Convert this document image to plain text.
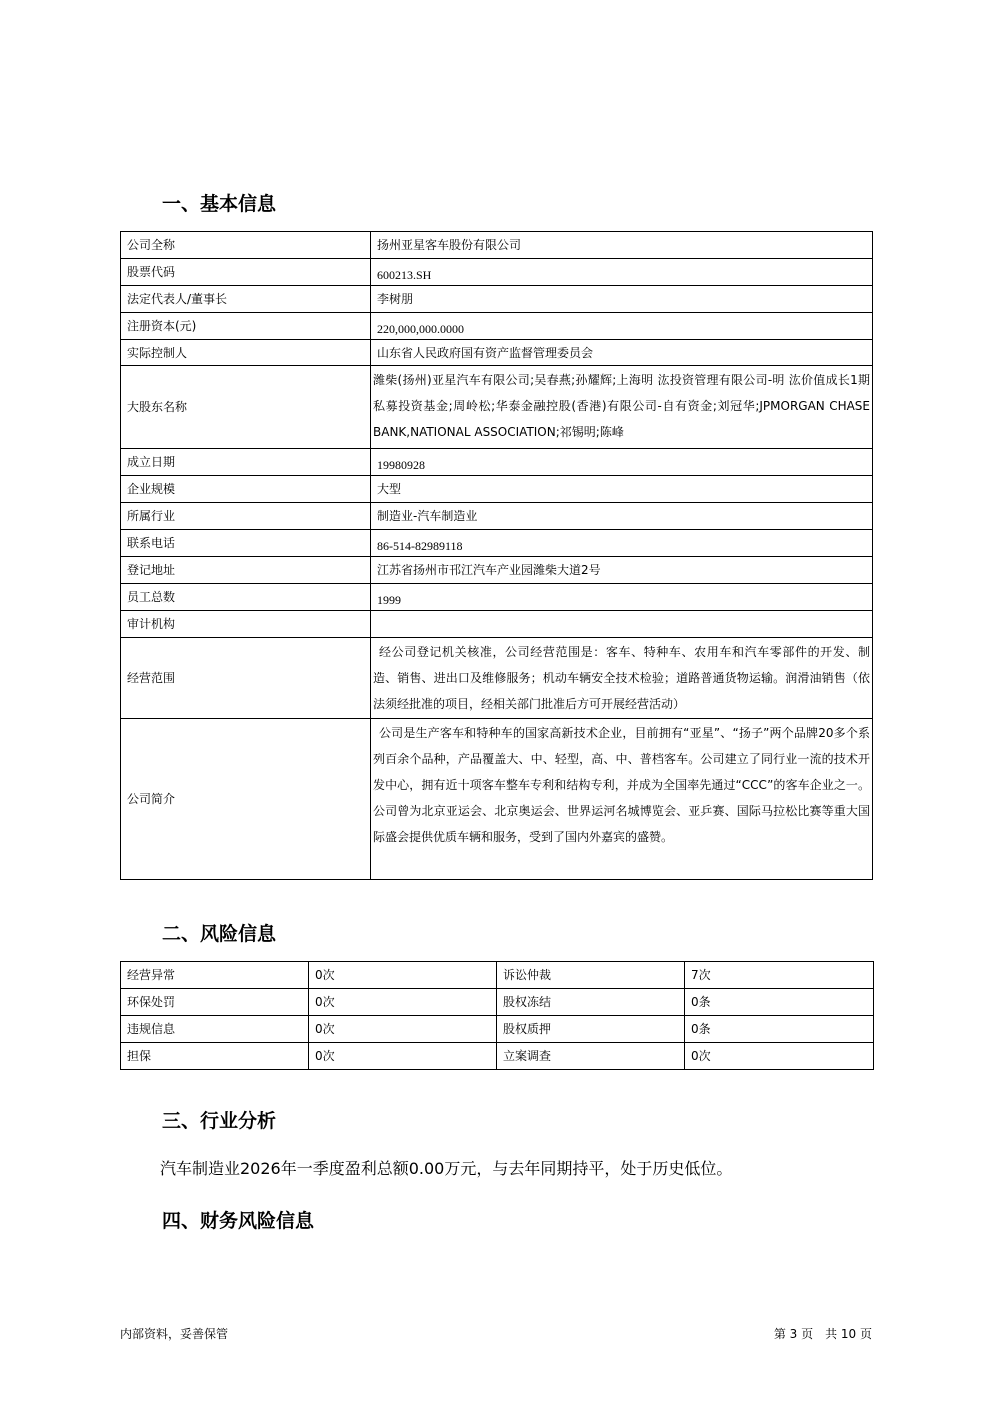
一、基本信息
公司全称	扬州亚星客车股份有限公司
股票代码	600213.SH
法定代表人/董事长	李树朋
注册资本(元)	220,000,000.0000
实际控制人	山东省人民政府国有资产监督管理委员会
大股东名称	潍柴(扬州)亚星汽车有限公司;吴春燕;孙耀辉;上海明 汯投资管理有限公司-明 汯价值成长1期私募投资基金;周岭松;华泰金融控股(香港)有限公司-自有资金;刘冠华;JPMORGAN CHASE　　BANK,NATIONAL ASSOCIATION;祁锡明;陈峰
成立日期	19980928
企业规模	大型
所属行业	制造业-汽车制造业
联系电话	86-514-82989118
登记地址	江苏省扬州市邗江汽车产业园潍柴大道2号
员工总数	1999
审计机构	
经营范围	经公司登记机关核准，公司经营范围是：客车、特种车、农用车和汽车零部件的开发、制造、销售、进出口及维修服务；机动车辆安全技术检验；道路普通货物运输。润滑油销售（依法须经批准的项目，经相关部门批准后方可开展经营活动）
公司简介	公司是生产客车和特种车的国家高新技术企业，目前拥有“亚星”、“扬子”两个品牌20多个系列百余个品种，产品覆盖大、中、轻型，高、中、普档客车。公司建立了同行业一流的技术开发中心，拥有近十项客车整车专利和结构专利，并成为全国率先通过“CCC”的客车企业之一。公司曾为北京亚运会、北京奥运会、世界运河名城博览会、亚乒赛、国际马拉松比赛等重大国际盛会提供优质车辆和服务，受到了国内外嘉宾的盛赞。
二、风险信息
经营异常	0次	诉讼仲裁	7次
环保处罚	0次	股权冻结	0条
违规信息	0次	股权质押	0条
担保	0次	立案调查	0次
三、行业分析

汽车制造业2026年一季度盈利总额0.00万元，与去年同期持平，处于历史低位。

四、财务风险信息
内部资料，妥善保管	第 3 页　共 10 页
